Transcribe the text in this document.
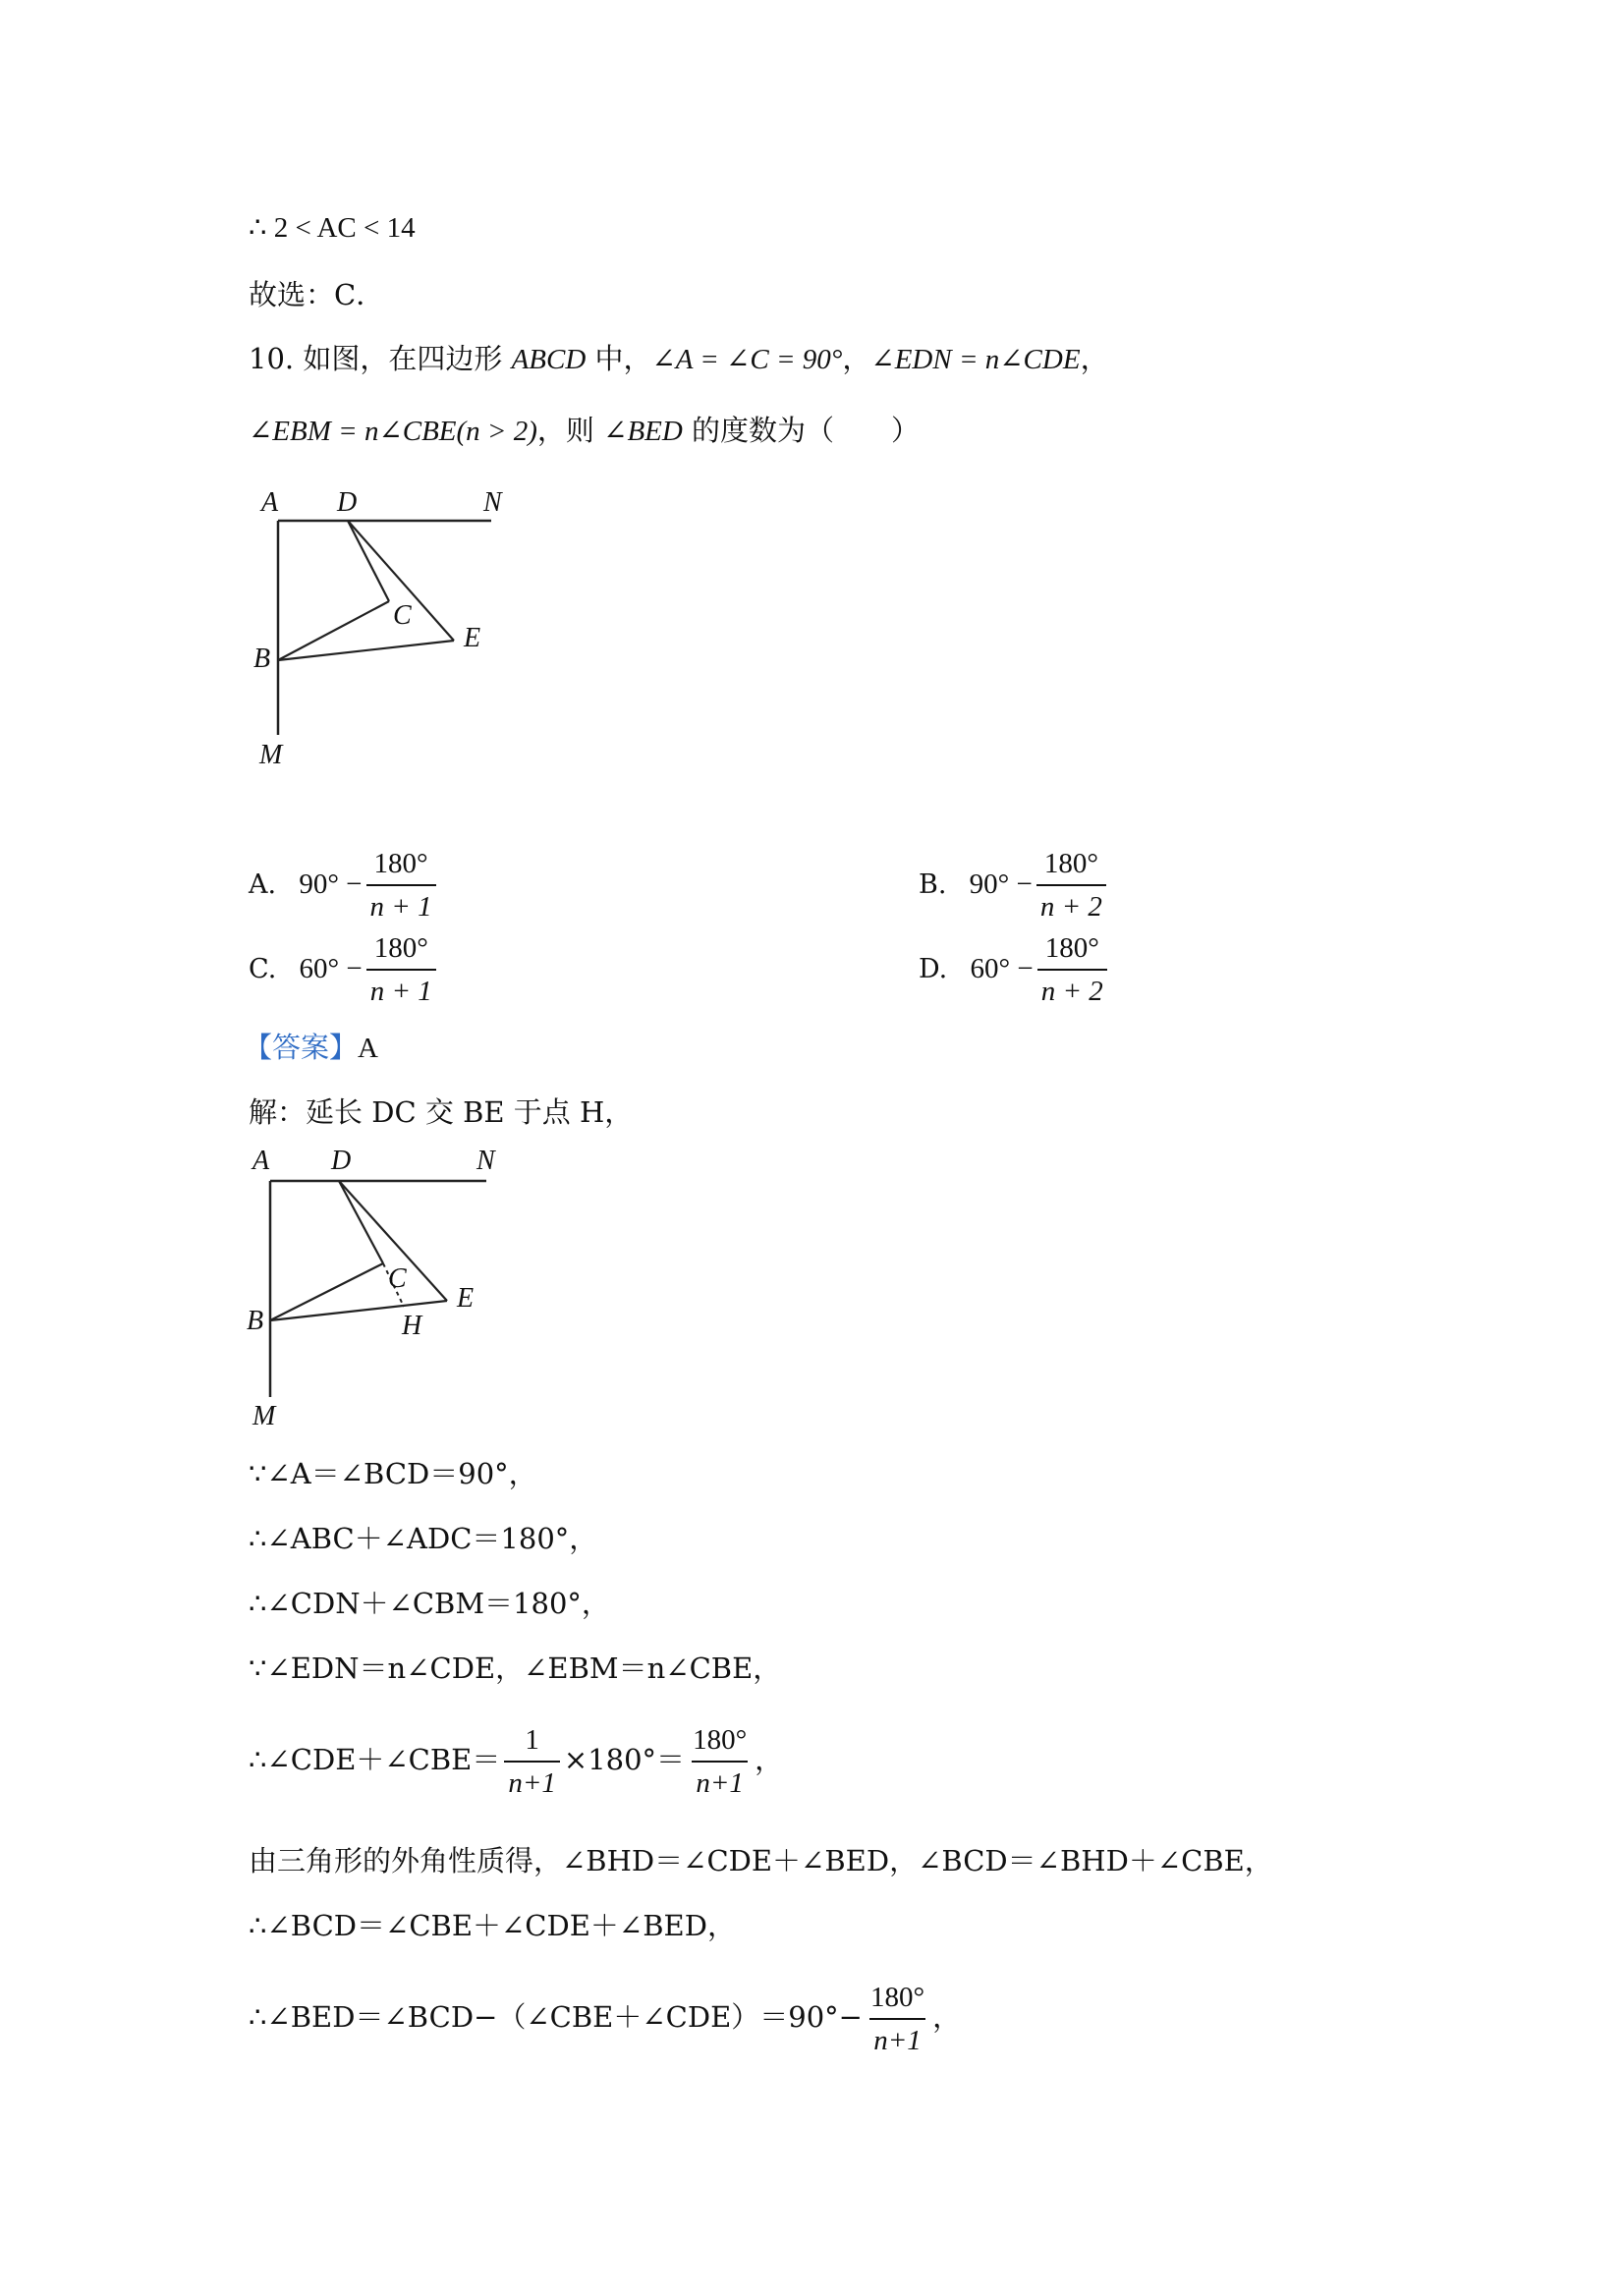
∴ 2 < AC < 14
故选：C．
10. 如图，在四边形 ABCD 中，∠A = ∠C = 90°，∠EDN = n∠CDE，
∠EBM = n∠CBE(n > 2)，则 ∠BED 的度数为（　　）
A D	N
C
E
B
M
A. $90^\circ - \frac{180^\circ}{n + 1}$	B. $90^\circ - \frac{180^\circ}{n + 2}$
C. $60^\circ - \frac{180^\circ}{n + 1}$	D. $60^\circ - \frac{180^\circ}{n + 2}$
【答案】A
解：延长 DC 交 BE 于点 H，
A D	N
C
E
B	H
M
∵∠A＝∠BCD＝90°，
∴∠ABC＋∠ADC＝180°，
∴∠CDN＋∠CBM＝180°，
∵∠EDN＝n∠CDE，∠EBM＝n∠CBE，
∴∠CDE＋∠CBE＝ $\frac{1}{n+1} \times 180^\circ= \frac{180^\circ}{n+1}$ ，
由三角形的外角性质得，∠BHD＝∠CDE＋∠BED，∠BCD＝∠BHD＋∠CBE，
∴∠BCD＝∠CBE＋∠CDE＋∠BED，
∴∠BED＝∠BCD−（∠CBE＋∠CDE）＝90°− $\frac{180^\circ}{n+1}$ ，
